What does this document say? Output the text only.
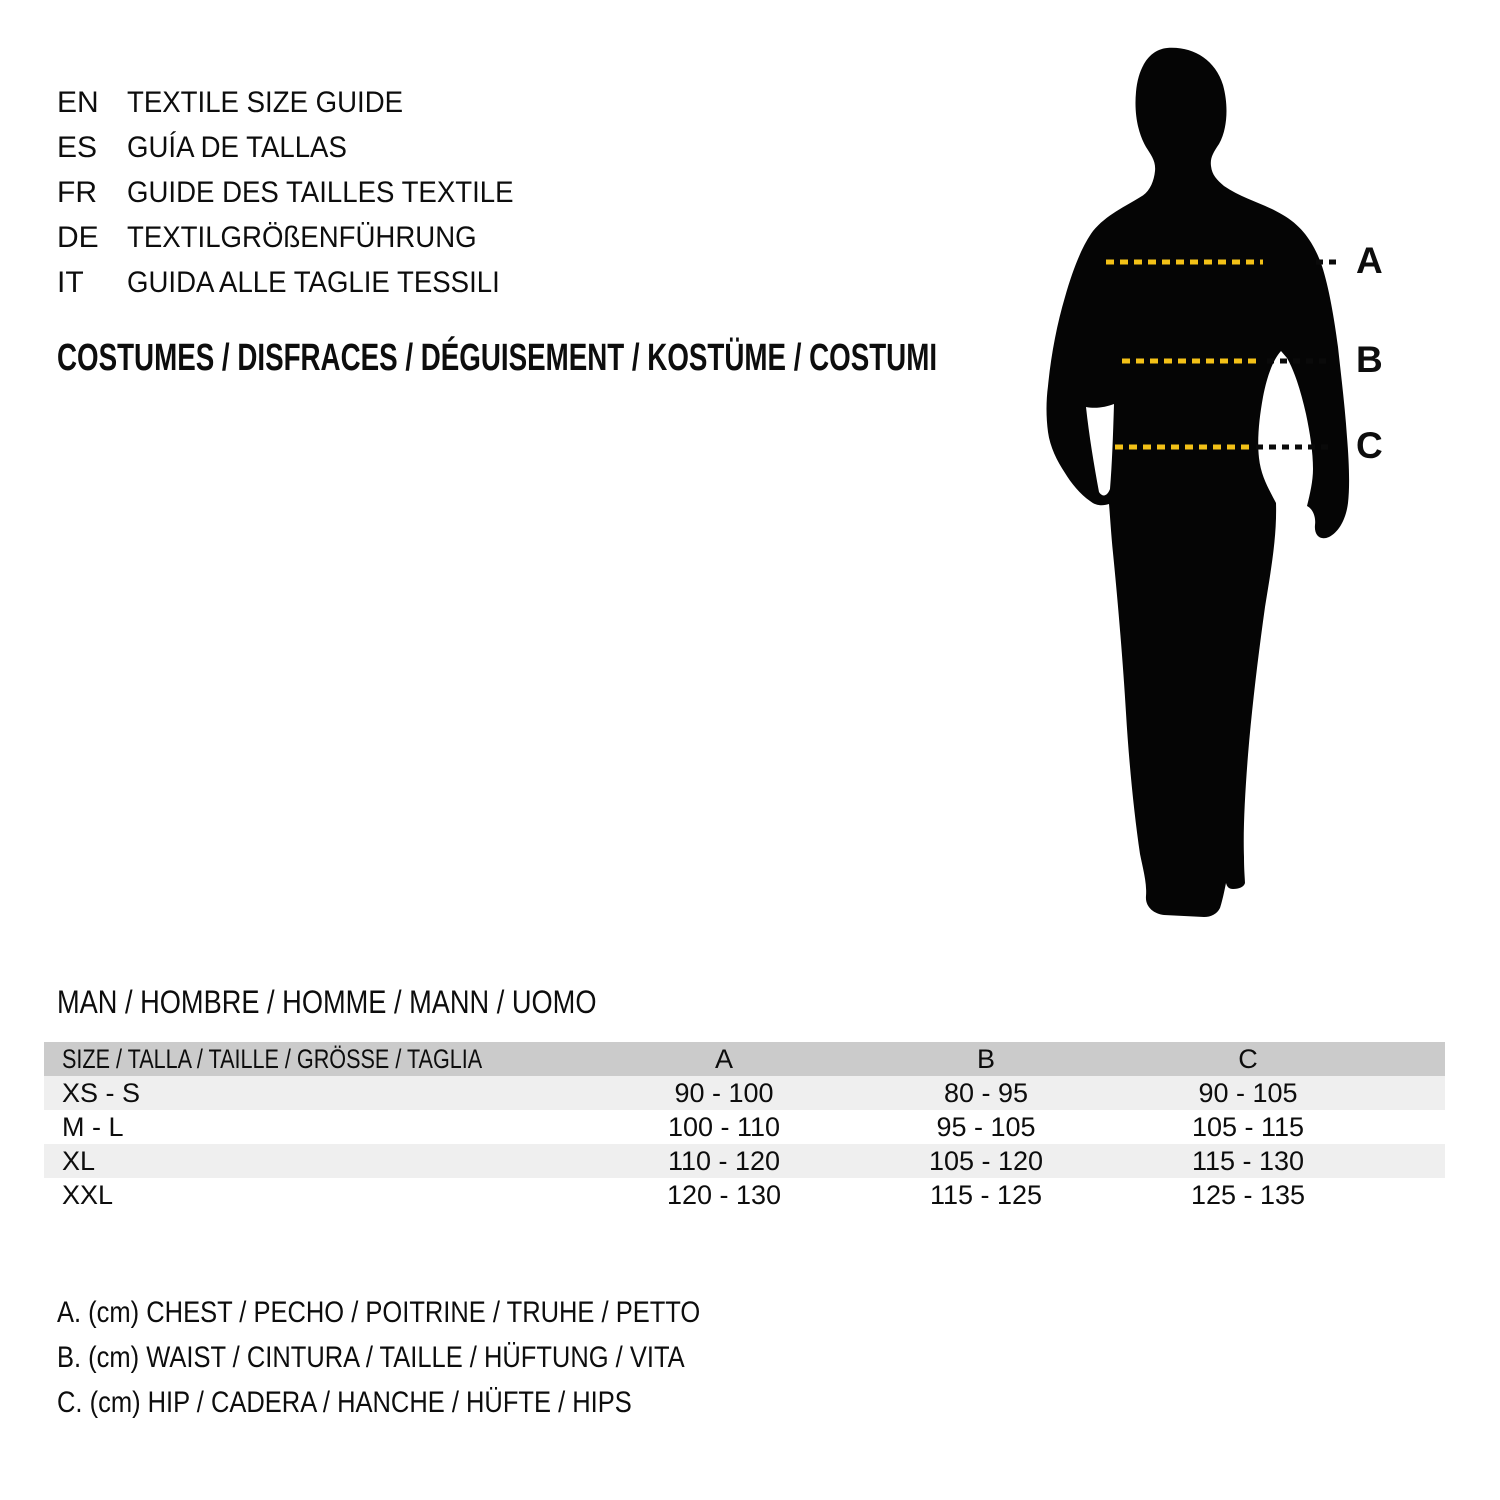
EN TEXTILE SIZE GUIDE
ES GUÍA DE TALLAS
FR GUIDE DES TAILLES TEXTILE
DE TEXTILGRÖßENFÜHRUNG
IT GUIDA ALLE TAGLIE TESSILI
COSTUMES / DISFRACES / DÉGUISEMENT / KOSTÜME / COSTUMI
A
B
C
MAN / HOMBRE / HOMME / MANN / UOMO
SIZE / TALLA / TAILLE / GRÖSSE / TAGLIA	A	B	C	
XS - S	90 - 100	80 - 95	90 - 105	
M - L	100 - 110	95 - 105	105 - 115	
XL	110 - 120	105 - 120	115 - 130	
XXL	120 - 130	115 - 125	125 - 135	
A. (cm) CHEST / PECHO / POITRINE / TRUHE / PETTO
B. (cm) WAIST / CINTURA / TAILLE / HÜFTUNG / VITA
C. (cm) HIP / CADERA / HANCHE / HÜFTE / HIPS
